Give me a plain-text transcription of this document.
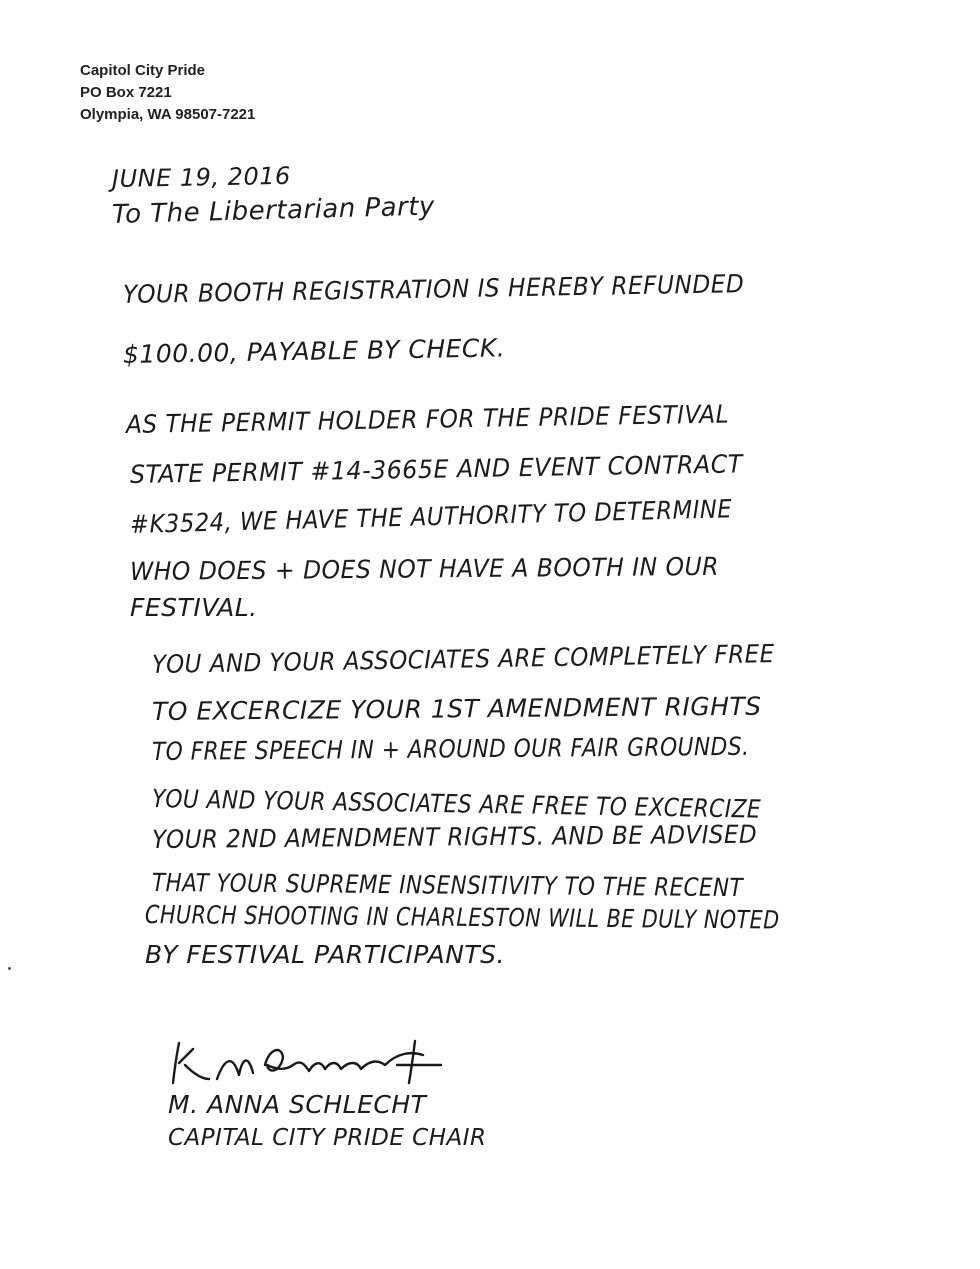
Capitol City Pride
PO Box 7221
Olympia, WA 98507-7221
JUNE 19, 2016
To The Libertarian Party
YOUR BOOTH REGISTRATION IS HEREBY REFUNDED
$100.00, PAYABLE BY CHECK.
AS THE PERMIT HOLDER FOR THE PRIDE FESTIVAL
STATE PERMIT #14-3665E AND EVENT CONTRACT
#K3524, WE HAVE THE AUTHORITY TO DETERMINE
WHO DOES + DOES NOT HAVE A BOOTH IN OUR
FESTIVAL.
YOU AND YOUR ASSOCIATES ARE COMPLETELY FREE
TO EXCERCIZE YOUR 1ST AMENDMENT RIGHTS
TO FREE SPEECH IN + AROUND OUR FAIR GROUNDS.
YOU AND YOUR ASSOCIATES ARE FREE TO EXCERCIZE
YOUR 2ND AMENDMENT RIGHTS. AND BE ADVISED
THAT YOUR SUPREME INSENSITIVITY TO THE RECENT
CHURCH SHOOTING IN CHARLESTON WILL BE DULY NOTED
BY FESTIVAL PARTICIPANTS.
M. ANNA SCHLECHT
CAPITAL CITY PRIDE CHAIR
